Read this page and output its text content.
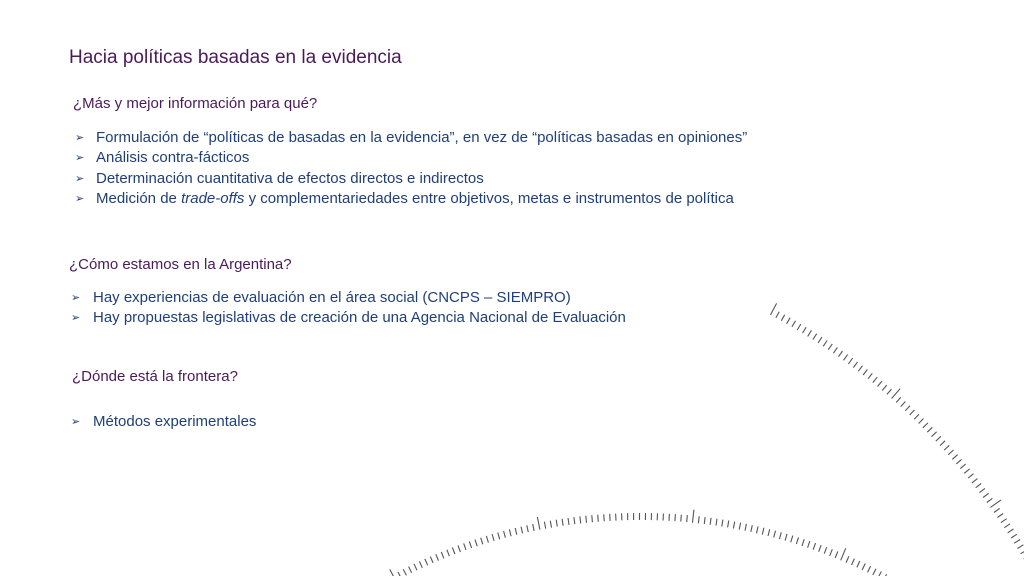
Hacia políticas basadas en la evidencia

¿Más y mejor información para qué?

➢ Formulación de “políticas de basadas en la evidencia”, en vez de “políticas basadas en opiniones”
➢ Análisis contra-fácticos
➢ Determinación cuantitativa de efectos directos e indirectos
➢ Medición de trade-offs y complementariedades entre objetivos, metas e instrumentos de política

¿Cómo estamos en la Argentina?

➢ Hay experiencias de evaluación en el área social (CNCPS – SIEMPRO)
➢ Hay propuestas legislativas de creación de una Agencia Nacional de Evaluación

¿Dónde está la frontera?

➢ Métodos experimentales
